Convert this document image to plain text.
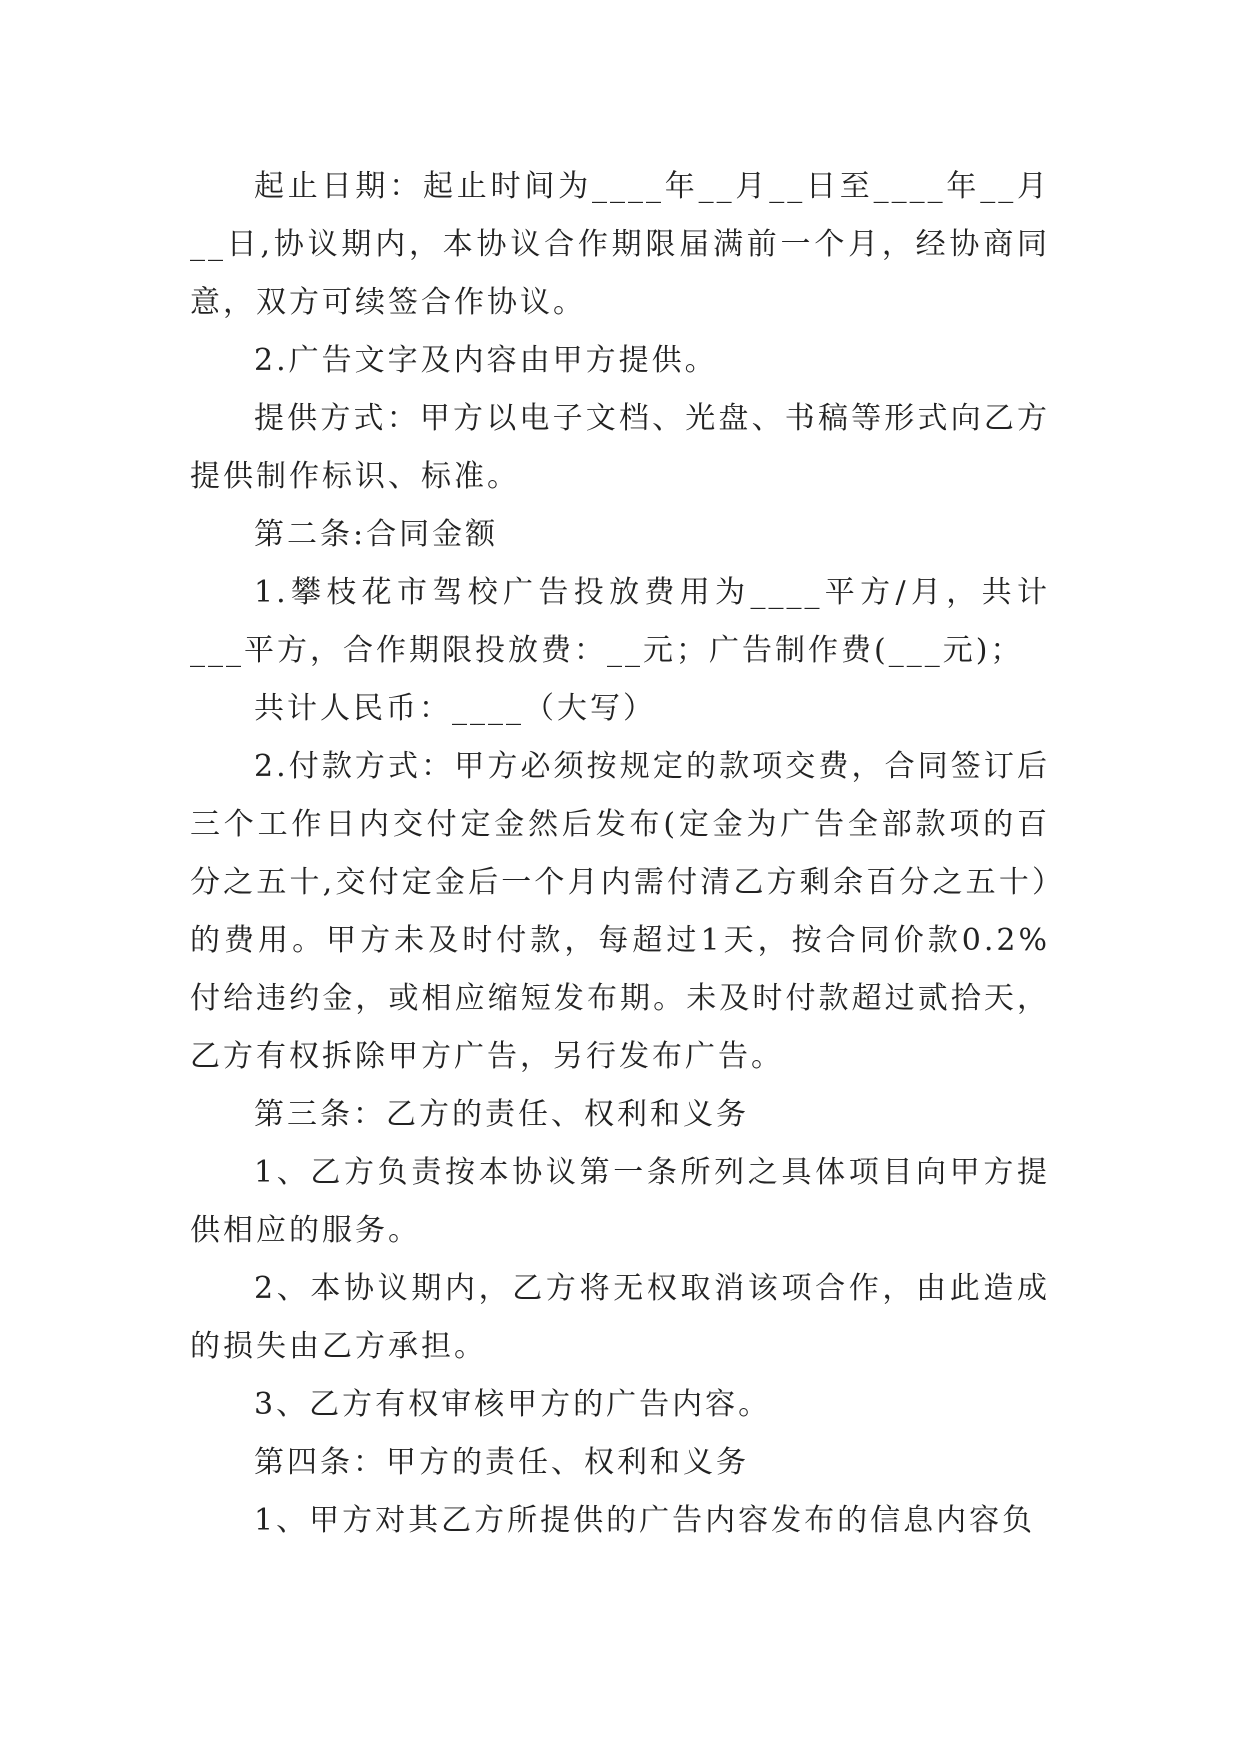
起止日期：起止时间为____年__月__日至____年__月__日,协议期内，本协议合作期限届满前一个月，经协商同意，双方可续签合作协议。

2.广告文字及内容由甲方提供。

提供方式：甲方以电子文档、光盘、书稿等形式向乙方提供制作标识、标准。

第二条:合同金额

1.攀枝花市驾校广告投放费用为____平方/月，共计___平方，合作期限投放费：__元；广告制作费(___元)；

共计人民币：____（大写）

2.付款方式：甲方必须按规定的款项交费，合同签订后三个工作日内交付定金然后发布(定金为广告全部款项的百分之五十,交付定金后一个月内需付清乙方剩余百分之五十）的费用。甲方未及时付款，每超过1天，按合同价款0.2%付给违约金，或相应缩短发布期。未及时付款超过贰拾天，乙方有权拆除甲方广告，另行发布广告。

第三条：乙方的责任、权利和义务

1、乙方负责按本协议第一条所列之具体项目向甲方提供相应的服务。

2、本协议期内，乙方将无权取消该项合作，由此造成的损失由乙方承担。

3、乙方有权审核甲方的广告内容。

第四条：甲方的责任、权利和义务

1、甲方对其乙方所提供的广告内容发布的信息内容负
